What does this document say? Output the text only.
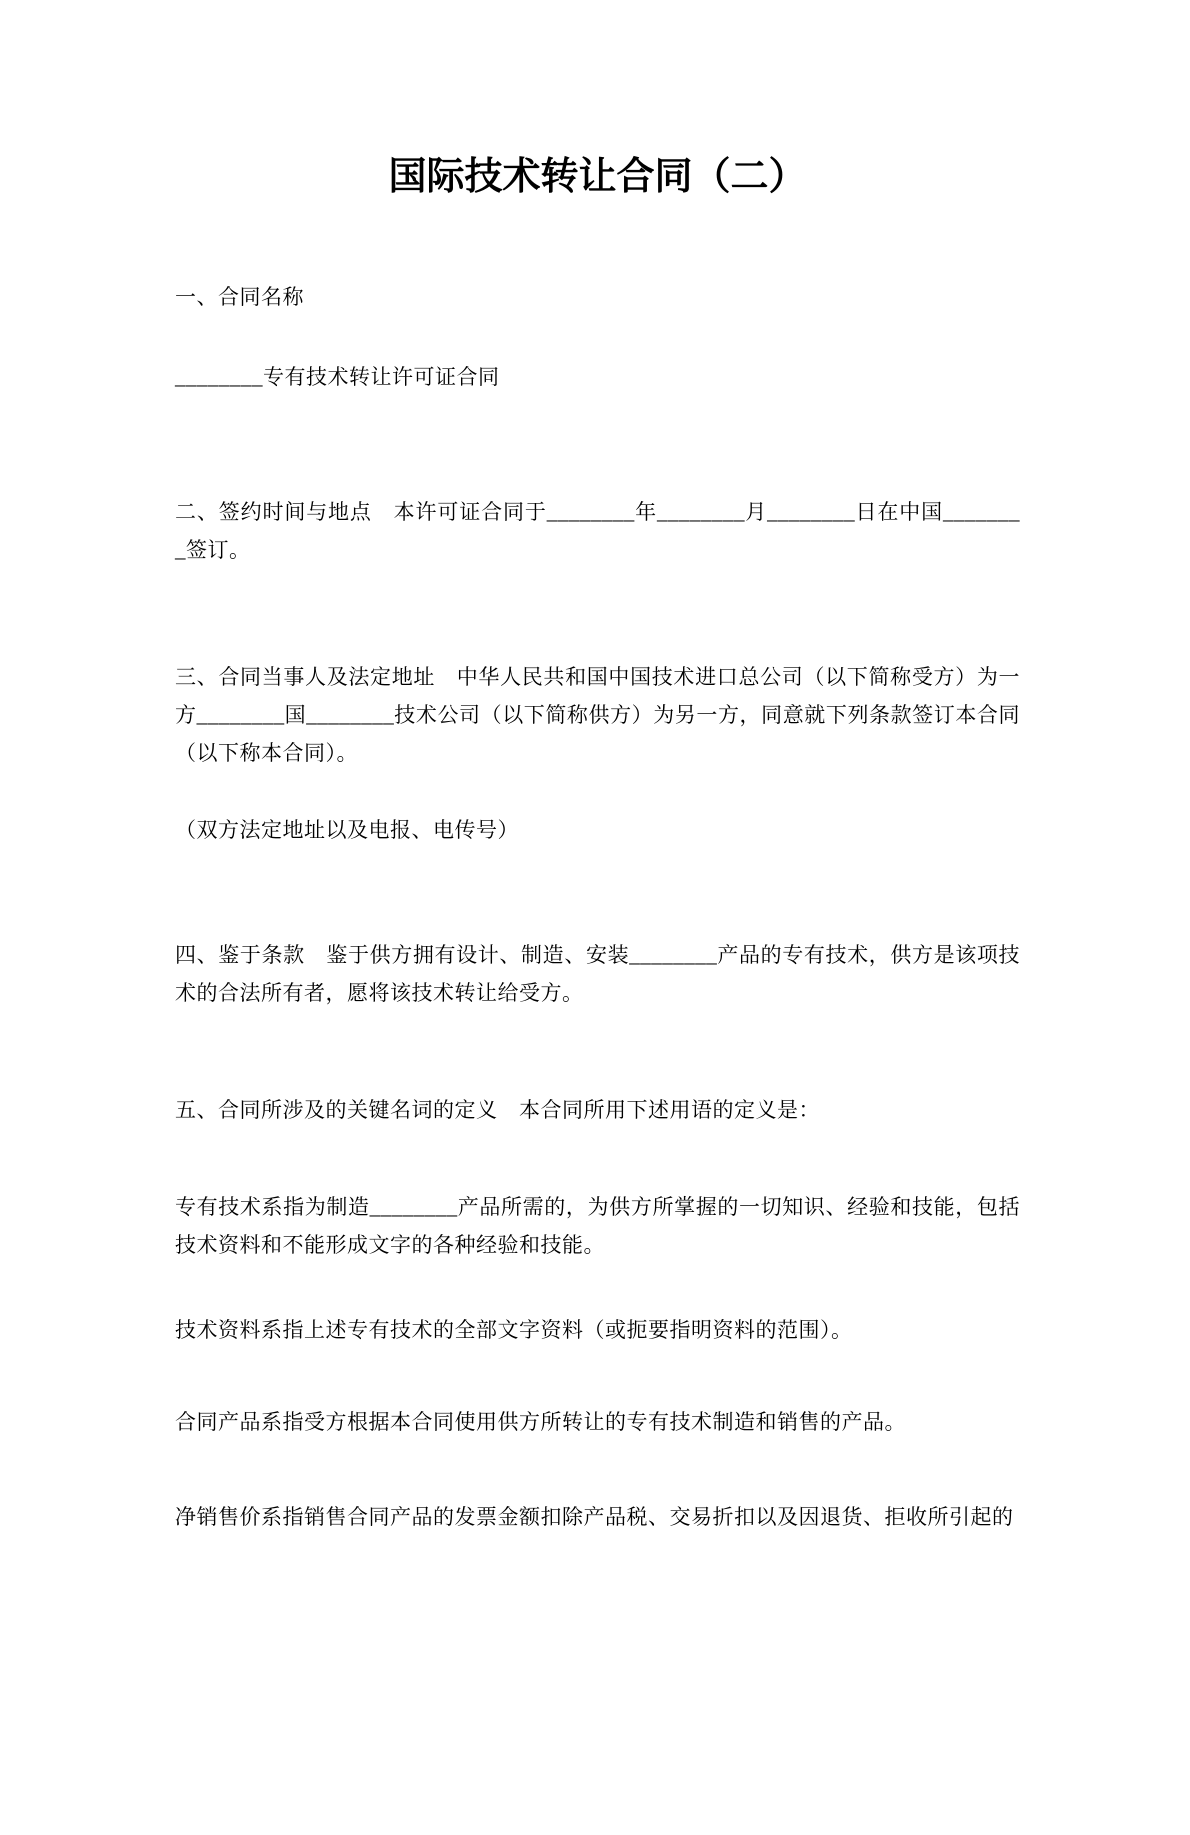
国际技术转让合同（二）

一、合同名称

________专有技术转让许可证合同

二、签约时间与地点　本许可证合同于________年________月________日在中国________签订。

三、合同当事人及法定地址　中华人民共和国中国技术进口总公司（以下简称受方）为一方________国________技术公司（以下简称供方）为另一方，同意就下列条款签订本合同（以下称本合同）。

（双方法定地址以及电报、电传号）

四、鉴于条款　鉴于供方拥有设计、制造、安装________产品的专有技术，供方是该项技术的合法所有者，愿将该技术转让给受方。

五、合同所涉及的关键名词的定义　本合同所用下述用语的定义是：

专有技术系指为制造________产品所需的，为供方所掌握的一切知识、经验和技能，包括技术资料和不能形成文字的各种经验和技能。

技术资料系指上述专有技术的全部文字资料（或扼要指明资料的范围）。

合同产品系指受方根据本合同使用供方所转让的专有技术制造和销售的产品。

净销售价系指销售合同产品的发票金额扣除产品税、交易折扣以及因退货、拒收所引起的
